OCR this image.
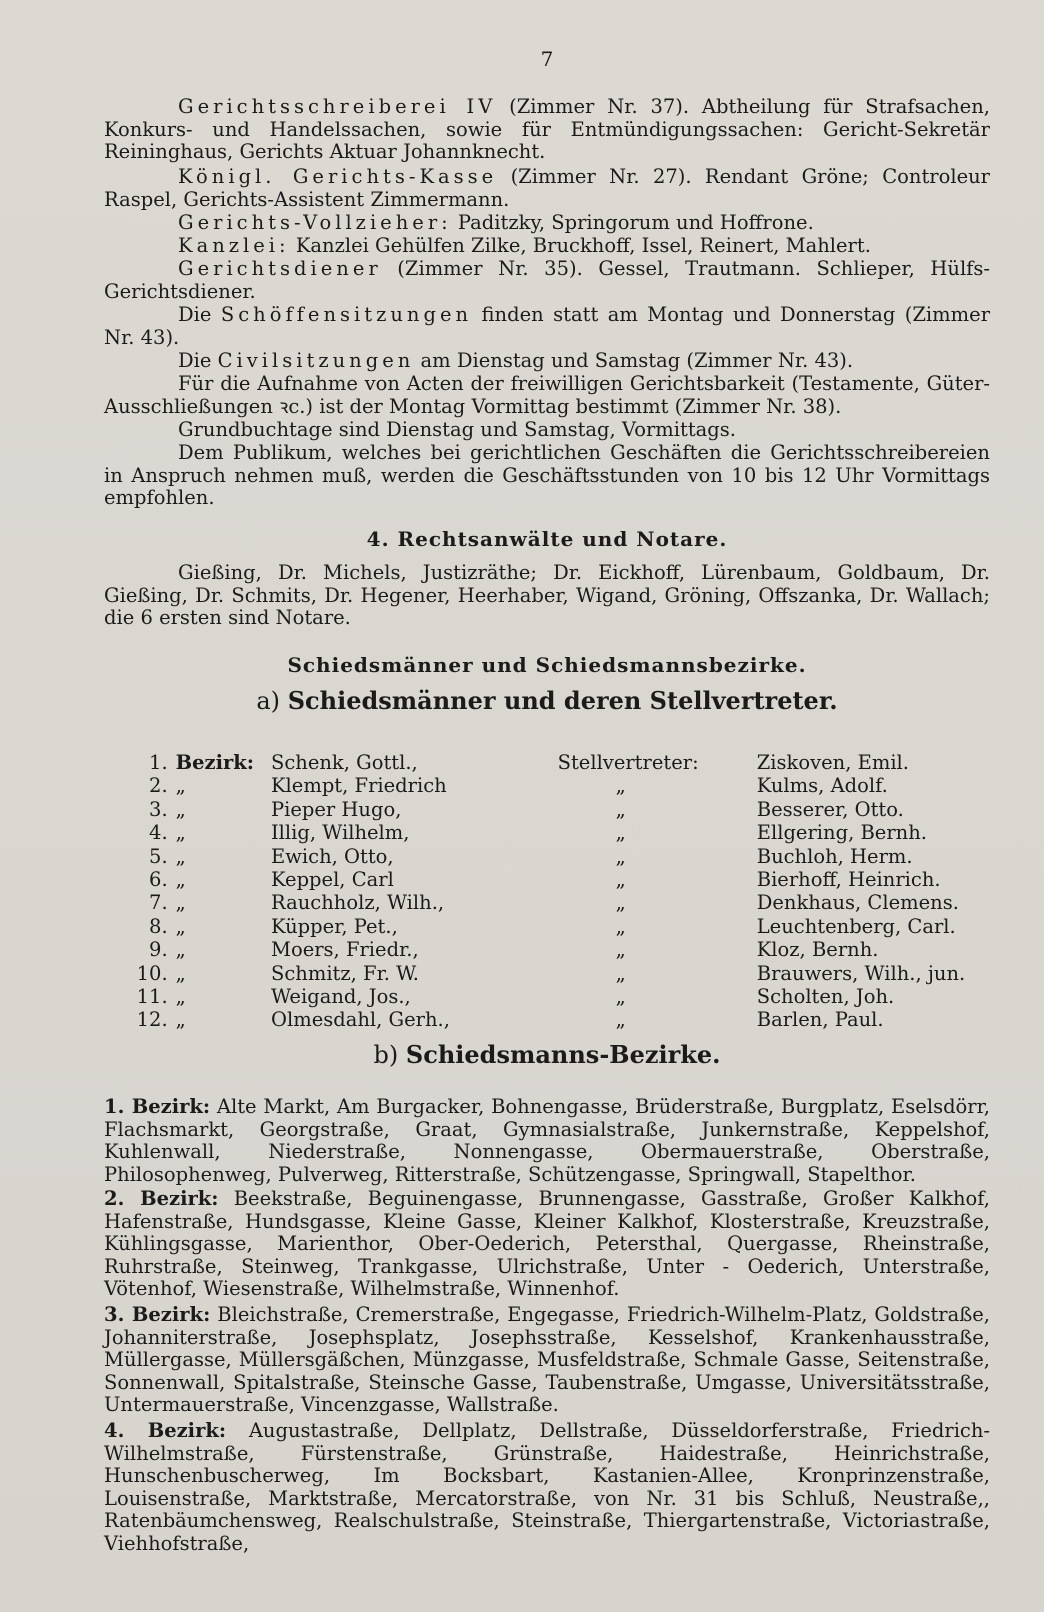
7
Gerichtsschreiberei IV (Zimmer Nr. 37). Abtheilung für Strafsachen, Konkurs- und Handelssachen, sowie für Entmündigungssachen: Gericht-Sekretär Reininghaus, Gerichts Aktuar Johannknecht.
Königl. Gerichts-Kasse (Zimmer Nr. 27). Rendant Gröne; Controleur Raspel, Gerichts-Assistent Zimmermann.
Gerichts-Vollzieher: Paditzky, Springorum und Hoffrone.
Kanzlei: Kanzlei Gehülfen Zilke, Bruckhoff, Issel, Reinert, Mahlert.
Gerichtsdiener (Zimmer Nr. 35). Gessel, Trautmann. Schlieper, Hülfs-Gerichtsdiener.
Die Schöffensitzungen finden statt am Montag und Donnerstag (Zimmer Nr. 43).
Die Civilsitzungen am Dienstag und Samstag (Zimmer Nr. 43).
Für die Aufnahme von Acten der freiwilligen Gerichtsbarkeit (Testamente, Güter-Ausschließungen ꝛc.) ist der Montag Vormittag bestimmt (Zimmer Nr. 38).
Grundbuchtage sind Dienstag und Samstag, Vormittags.
Dem Publikum, welches bei gerichtlichen Geschäften die Gerichtsschreibereien in Anspruch nehmen muß, werden die Geschäftsstunden von 10 bis 12 Uhr Vormittags empfohlen.
4. Rechtsanwälte und Notare.
Gießing, Dr. Michels, Justizräthe; Dr. Eickhoff, Lürenbaum, Goldbaum, Dr. Gießing, Dr. Schmits, Dr. Hegener, Heerhaber, Wigand, Gröning, Offszanka, Dr. Wallach; die 6 ersten sind Notare.
Schiedsmänner und Schiedsmannsbezirke.
a) Schiedsmänner und deren Stellvertreter.
1.	Bezirk:	Schenk, Gottl.,	Stellvertreter:	Ziskoven, Emil.
2.	„	Klempt, Friedrich	„	Kulms, Adolf.
3.	„	Pieper Hugo,	„	Besserer, Otto.
4.	„	Illig, Wilhelm,	„	Ellgering, Bernh.
5.	„	Ewich, Otto,	„	Buchloh, Herm.
6.	„	Keppel, Carl	„	Bierhoff, Heinrich.
7.	„	Rauchholz, Wilh.,	„	Denkhaus, Clemens.
8.	„	Küpper, Pet.,	„	Leuchtenberg, Carl.
9.	„	Moers, Friedr.,	„	Kloz, Bernh.
10.	„	Schmitz, Fr. W.	„	Brauwers, Wilh., jun.
11.	„	Weigand, Jos.,	„	Scholten, Joh.
12.	„	Olmesdahl, Gerh.,	„	Barlen, Paul.
b) Schiedsmanns-Bezirke.
1. Bezirk: Alte Markt, Am Burgacker, Bohnengasse, Brüderstraße, Burgplatz, Eselsdörr, Flachsmarkt, Georgstraße, Graat, Gymnasialstraße, Junkernstraße, Keppelshof, Kuhlenwall, Niederstraße, Nonnengasse, Obermauerstraße, Oberstraße, Philosophenweg, Pulverweg, Ritterstraße, Schützengasse, Springwall, Stapelthor.
2. Bezirk: Beekstraße, Beguinengasse, Brunnengasse, Gasstraße, Großer Kalkhof, Hafenstraße, Hundsgasse, Kleine Gasse, Kleiner Kalkhof, Klosterstraße, Kreuzstraße, Kühlingsgasse, Marienthor, Ober-Oederich, Petersthal, Quergasse, Rheinstraße, Ruhrstraße, Steinweg, Trankgasse, Ulrichstraße, Unter - Oederich, Unterstraße, Vötenhof, Wiesenstraße, Wilhelmstraße, Winnenhof.
3. Bezirk: Bleichstraße, Cremerstraße, Engegasse, Friedrich-Wilhelm-Platz, Goldstraße, Johanniterstraße, Josephsplatz, Josephsstraße, Kesselshof, Krankenhausstraße, Müllergasse, Müllersgäßchen, Münzgasse, Musfeldstraße, Schmale Gasse, Seitenstraße, Sonnenwall, Spitalstraße, Steinsche Gasse, Taubenstraße, Umgasse, Universitätsstraße, Untermauerstraße, Vincenzgasse, Wallstraße.
4. Bezirk: Augustastraße, Dellplatz, Dellstraße, Düsseldorferstraße, Friedrich-Wilhelmstraße, Fürstenstraße, Grünstraße, Haidestraße, Heinrichstraße, Hunschenbuscherweg, Im Bocksbart, Kastanien-Allee, Kronprinzenstraße, Louisenstraße, Marktstraße, Mercatorstraße, von Nr. 31 bis Schluß, Neustraße,, Ratenbäumchensweg, Realschulstraße, Steinstraße, Thiergartenstraße, Victoriastraße, Viehhofstraße,
